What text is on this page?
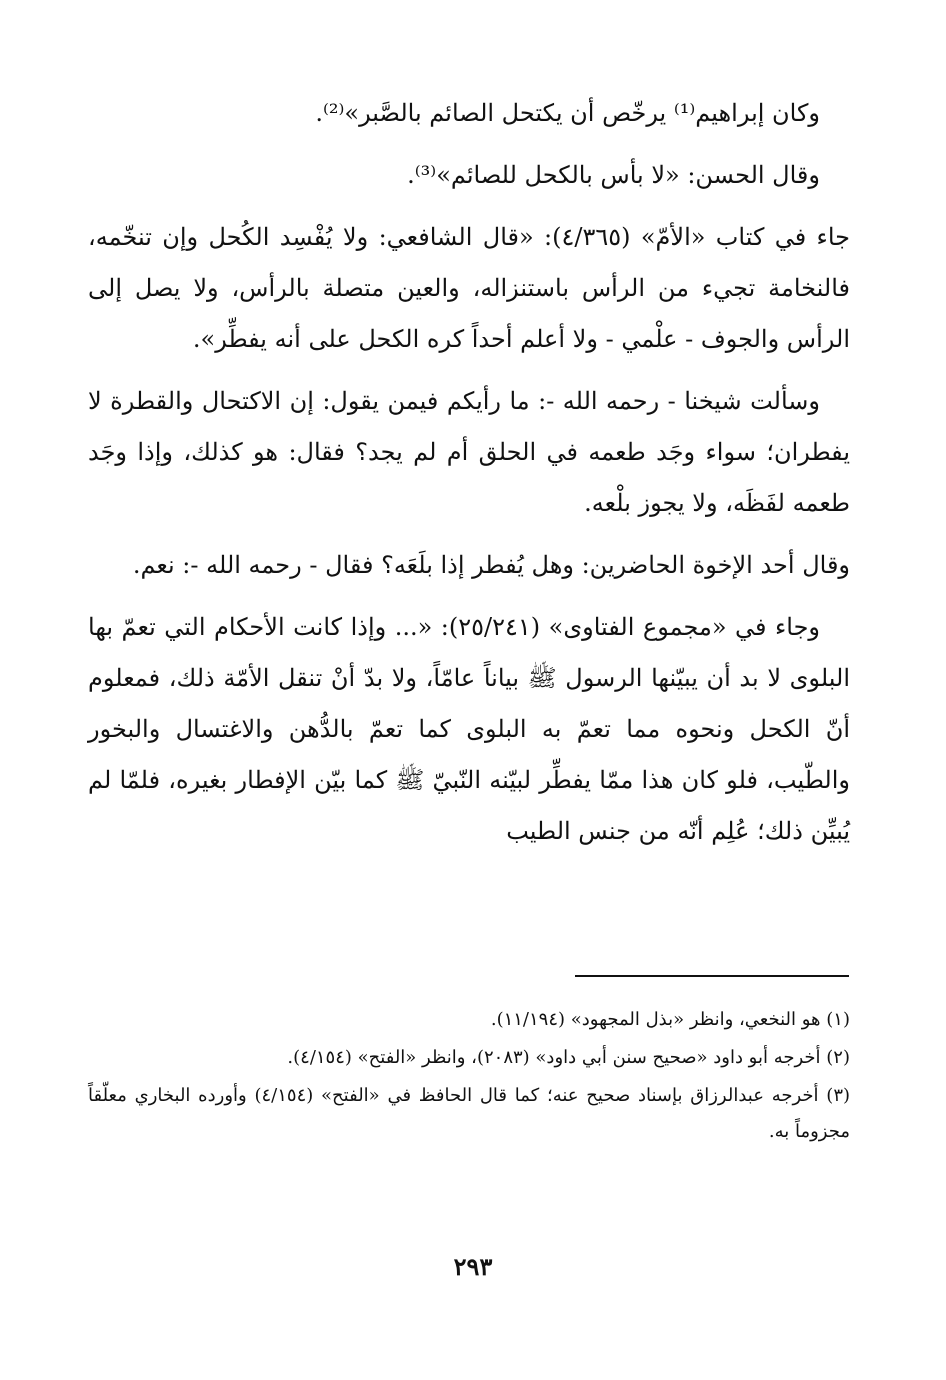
وكان إبراهيم⁽¹⁾ يرخّص أن يكتحل الصائم بالصَّبر»⁽²⁾.

وقال الحسن: «لا بأس بالكحل للصائم»⁽³⁾.

جاء في كتاب «الأمّ» (٤/٣٦٥): «قال الشافعي: ولا يُفْسِد الكُحل وإن تنخّمه، فالنخامة تجيء من الرأس باستنزاله، والعين متصلة بالرأس، ولا يصل إلى الرأس والجوف - علْمي - ولا أعلم أحداً كره الكحل على أنه يفطِّر».

وسألت شيخنا - رحمه الله -: ما رأيكم فيمن يقول: إن الاكتحال والقطرة لا يفطران؛ سواء وجَد طعمه في الحلق أم لم يجد؟ فقال: هو كذلك، وإذا وجَد طعمه لفَظَه، ولا يجوز بلْعه.

وقال أحد الإخوة الحاضرين: وهل يُفطر إذا بلَعَه؟ فقال - رحمه الله -: نعم.

وجاء في «مجموع الفتاوى» (٢٥/٢٤١): «... وإذا كانت الأحكام التي تعمّ بها البلوى لا بد أن يبيّنها الرسول ﷺ بياناً عامّاً، ولا بدّ أنْ تنقل الأمّة ذلك، فمعلوم أنّ الكحل ونحوه مما تعمّ به البلوى كما تعمّ بالدُّهن والاغتسال والبخور والطّيب، فلو كان هذا ممّا يفطِّر لبيّنه النّبيّ ﷺ كما بيّن الإفطار بغيره، فلمّا لم يُبيِّن ذلك؛ عُلِم أنّه من جنس الطيب

(١) هو النخعي، وانظر «بذل المجهود» (١١/١٩٤).

(٢) أخرجه أبو داود «صحيح سنن أبي داود» (٢٠٨٣)، وانظر «الفتح» (٤/١٥٤).

(٣) أخرجه عبدالرزاق بإسناد صحيح عنه؛ كما قال الحافظ في «الفتح» (٤/١٥٤) وأورده البخاري معلّقاً مجزوماً به.

٢٩٣
